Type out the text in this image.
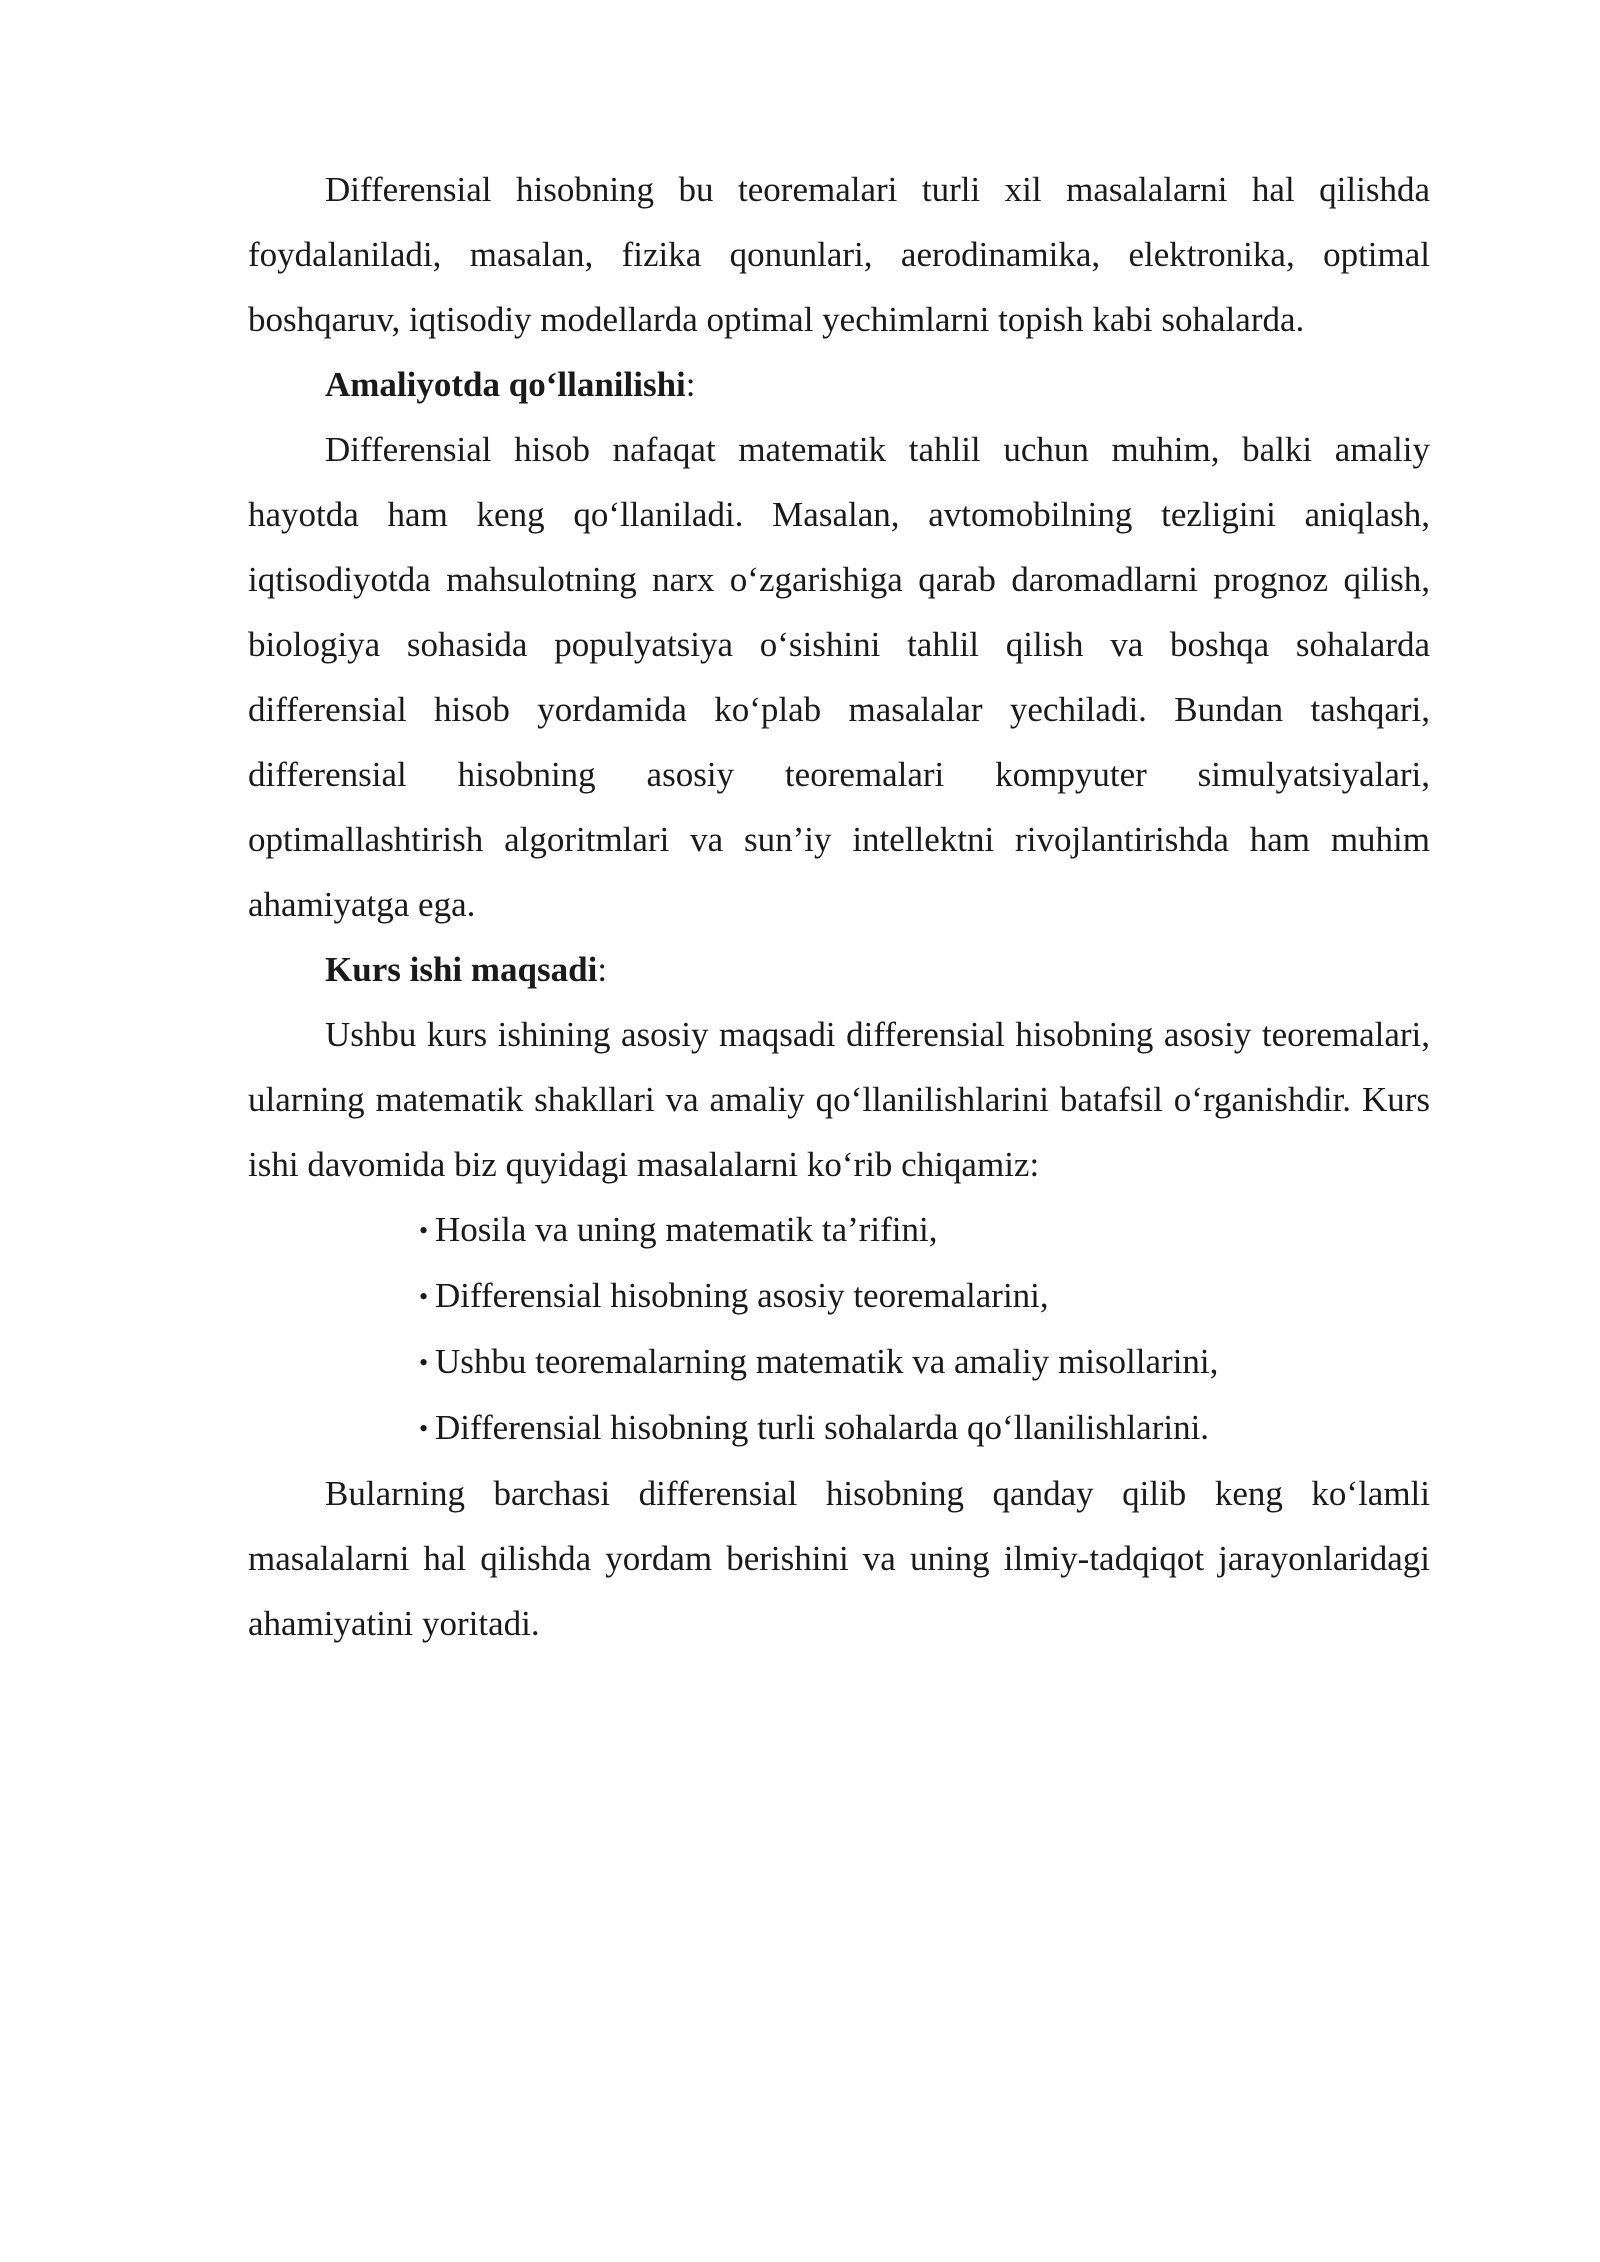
Differensial hisobning bu teoremalari turli xil masalalarni hal qilishda foydalaniladi, masalan, fizika qonunlari, aerodinamika, elektronika, optimal boshqaruv, iqtisodiy modellarda optimal yechimlarni topish kabi sohalarda.

Amaliyotda qo‘llanilishi:

Differensial hisob nafaqat matematik tahlil uchun muhim, balki amaliy hayotda ham keng qo‘llaniladi. Masalan, avtomobilning tezligini aniqlash, iqtisodiyotda mahsulotning narx o‘zgarishiga qarab daromadlarni prognoz qilish, biologiya sohasida populyatsiya o‘sishini tahlil qilish va boshqa sohalarda differensial hisob yordamida ko‘plab masalalar yechiladi. Bundan tashqari, differensial hisobning asosiy teoremalari kompyuter simulyatsiyalari, optimallashtirish algoritmlari va sun’iy intellektni rivojlantirishda ham muhim ahamiyatga ega.

Kurs ishi maqsadi:

Ushbu kurs ishining asosiy maqsadi differensial hisobning asosiy teoremalari, ularning matematik shakllari va amaliy qo‘llanilishlarini batafsil o‘rganishdir. Kurs ishi davomida biz quyidagi masalalarni ko‘rib chiqamiz:

• Hosila va uning matematik ta’rifini,
• Differensial hisobning asosiy teoremalarini,
• Ushbu teoremalarning matematik va amaliy misollarini,
• Differensial hisobning turli sohalarda qo‘llanilishlarini.

Bularning barchasi differensial hisobning qanday qilib keng ko‘lamli masalalarni hal qilishda yordam berishini va uning ilmiy-tadqiqot jarayonlaridagi ahamiyatini yoritadi.
